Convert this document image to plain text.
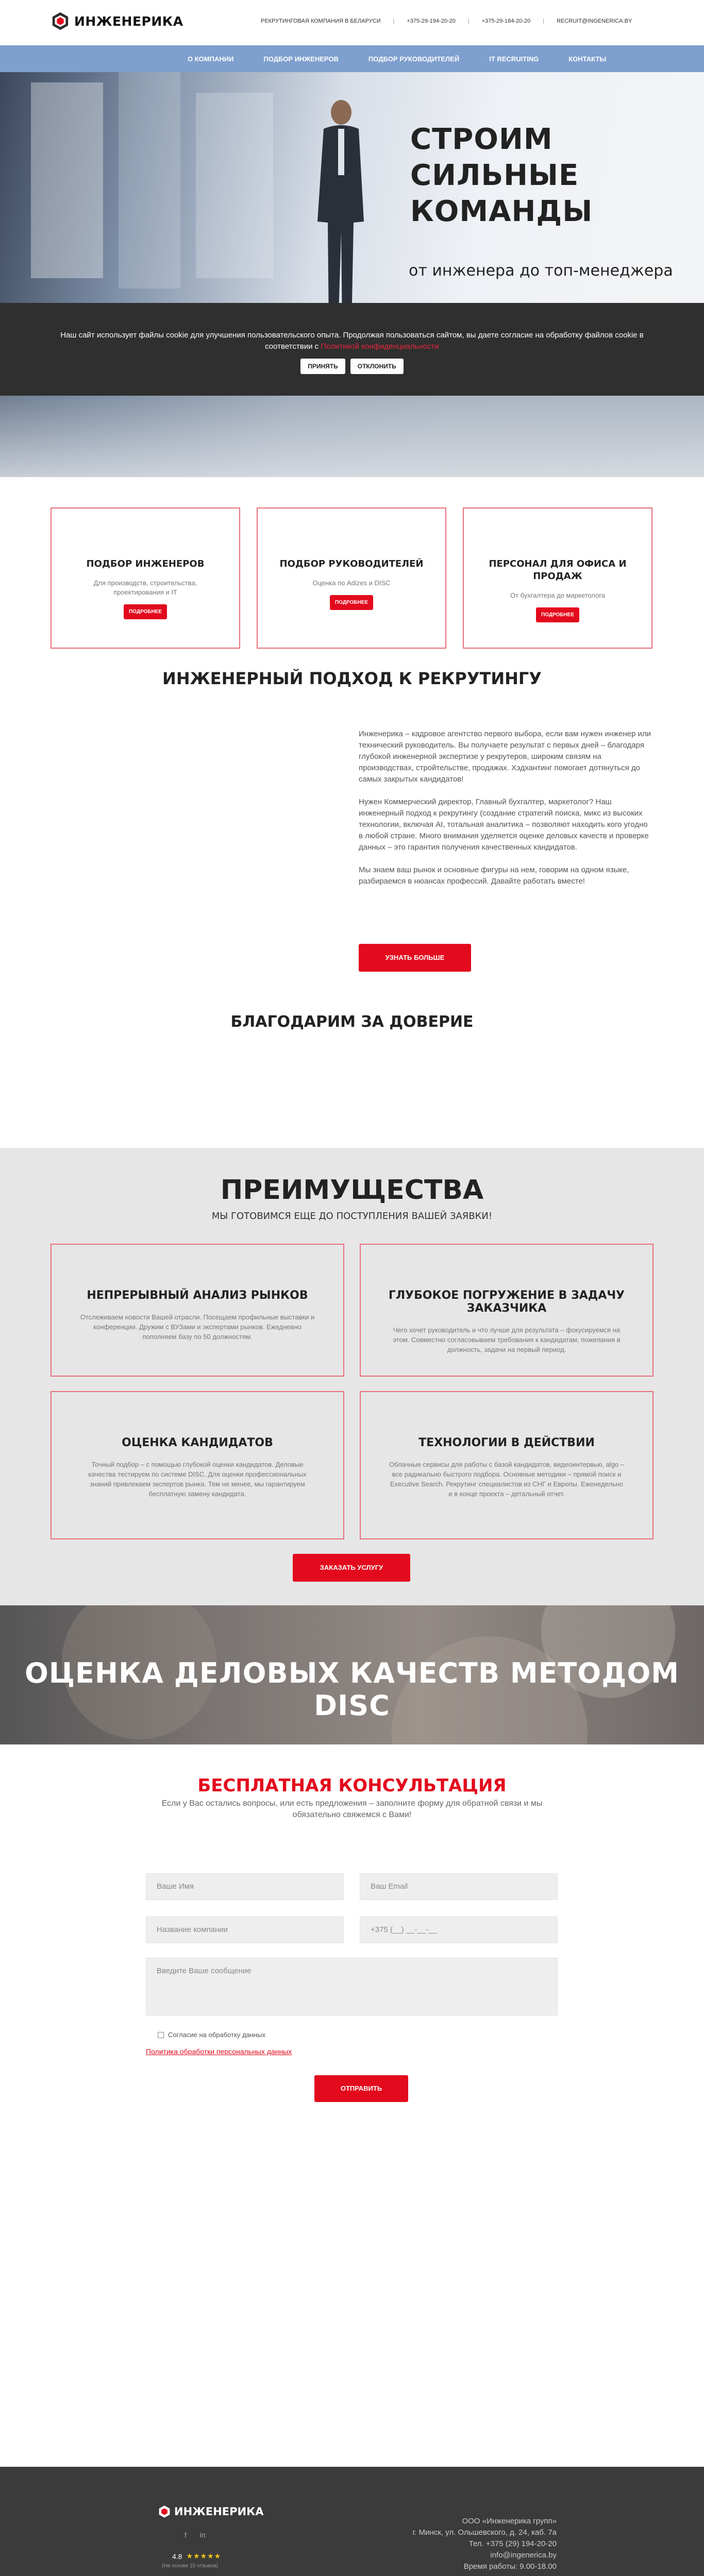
ИНЖЕНЕРИКА	РЕКРУТИНГОВАЯ КОМПАНИЯ В БЕЛАРУСИ | +375-29-194-20-20 | +375-29-184-20-20 | RECRUIT@INGENERICA.BY
О КОМПАНИИ	ПОДБОР ИНЖЕНЕРОВ	ПОДБОР РУКОВОДИТЕЛЕЙ	IT RECRUITING	КОНТАКТЫ
СТРОИМ
СИЛЬНЫЕ
КОМАНДЫ
от инженера до топ-менеджера

Наш сайт использует файлы cookie для улучшения пользовательского опыта. Продолжая пользоваться сайтом, вы даете согласие на обработку файлов cookie в соответствии с Политикой конфиденциальности

ПРИНЯТЬ	ОТКЛОНИТЬ
ПОДБОР ИНЖЕНЕРОВ

Для производств, строительства, проектирования и IT

ПОДРОБНЕЕ
ПОДБОР РУКОВОДИТЕЛЕЙ

Оценка по Adizes и DISC

ПОДРОБНЕЕ
ПЕРСОНАЛ ДЛЯ ОФИСА И ПРОДАЖ

От бухгалтера до маркетолога

ПОДРОБНЕЕ
ИНЖЕНЕРНЫЙ ПОДХОД К РЕКРУТИНГУ

Инженерика – кадровое агентство первого выбора, если вам нужен инженер или технический руководитель. Вы получаете результат с первых дней – благодаря глубокой инженерной экспертизе у рекрутеров, широким связям на производствах, стройтельстве, продажах. Хэдхантинг помогает дотянуться до самых закрытых кандидатов!

Нужен Коммерческий директор, Главный бухгалтер, маркетолог? Наш инженерный подход к рекрутингу (создание стратегий поиска, микс из высоких технологии, включая AI, тотальная аналитика – позволяют находить кого угодно в любой стране. Много внимания уделяется оценке деловых качеств и проверке данных – это гарантия получения качественных кандидатов.

Мы знаем ваш рынок и основные фигуры на нем, говорим на одном языке, разбираемся в нюансах профессий. Давайте работать вместе!

УЗНАТЬ БОЛЬШЕ
БЛАГОДАРИМ ЗА ДОВЕРИЕ
ПРЕИМУЩЕСТВА
МЫ ГОТОВИМСЯ ЕЩЕ ДО ПОСТУПЛЕНИЯ ВАШЕЙ ЗАЯВКИ!
НЕПРЕРЫВНЫЙ АНАЛИЗ РЫНКОВ

Отслеживаем новости Вашей отрасли. Посещаем профильные выставки и конференции. Дружим с ВУЗами и экспертами рынков. Ежедневно пополняем базу по 50 должностям.

ГЛУБОКОЕ ПОГРУЖЕНИЕ В ЗАДАЧУ ЗАКАЗЧИКА

Чего хочет руководитель и что лучше для результата – фокусируемся на этом. Совместно согласовываем требования к кандидатам, пожелания в должность, задачи на первый период.

ОЦЕНКА КАНДИДАТОВ

Точный подбор – с помощью глубокой оценки кандидатов. Деловые качества тестируем по системе DISC. Для оценки профессиональных знаний привлекаем экспертов рынка. Тем не менее, мы гарантируем бесплатную замену кандидата.

ТЕХНОЛОГИИ В ДЕЙСТВИИ

Облачные сервисы для работы с базой кандидатов, видеоинтервью, algo – все радикально быстрого подбора. Основные методики – прямой поиск и Executive Search. Рекрутинг специалистов из СНГ и Европы. Еженедельно и в конце проекта – детальный отчет.

ЗАКАЗАТЬ УСЛУГУ
ОЦЕНКА ДЕЛОВЫХ КАЧЕСТВ МЕТОДОМ DISC
БЕСПЛАТНАЯ КОНСУЛЬТАЦИЯ

Если у Вас остались вопросы, или есть предложения – заполните форму для обратной связи и мы обязательно свяжемся с Вами!

Ваше Имя	Ваш Email
Название компании	+375 (__) __-__-__
Введите Ваше сообщение
Согласие на обработку данных
Политика обработки персональных данных
ОТПРАВИТЬ
ИНЖЕНЕРИКА
f in
4.8 ★★★★★
(На основе 15 отзывов)
ООО «Инженерика групп»
г. Минск, ул. Ольшевского, д. 24, каб. 7а
Тел. +375 (29) 194-20-20
info@ingenerica.by
Время работы: 9.00-18.00
